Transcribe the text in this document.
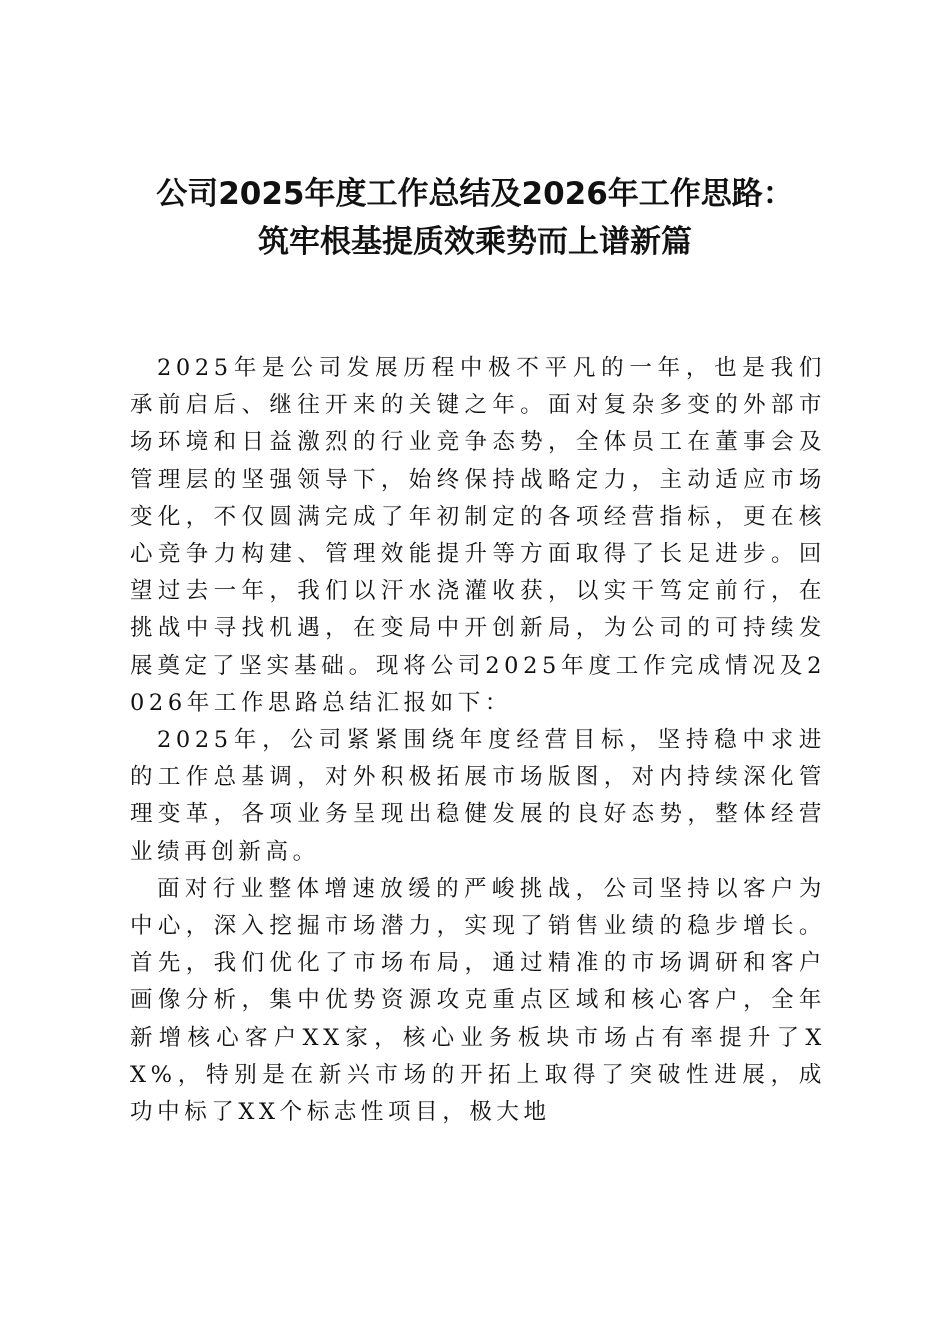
公司2025年度工作总结及2026年工作思路：
筑牢根基提质效乘势而上谱新篇

2025年是公司发展历程中极不平凡的一年，也是我们承前启后、继往开来的关键之年。面对复杂多变的外部市场环境和日益激烈的行业竞争态势，全体员工在董事会及管理层的坚强领导下，始终保持战略定力，主动适应市场变化，不仅圆满完成了年初制定的各项经营指标，更在核心竞争力构建、管理效能提升等方面取得了长足进步。回望过去一年，我们以汗水浇灌收获，以实干笃定前行，在挑战中寻找机遇，在变局中开创新局，为公司的可持续发展奠定了坚实基础。现将公司2025年度工作完成情况及2026年工作思路总结汇报如下：

2025年，公司紧紧围绕年度经营目标，坚持稳中求进的工作总基调，对外积极拓展市场版图，对内持续深化管理变革，各项业务呈现出稳健发展的良好态势，整体经营业绩再创新高。

面对行业整体增速放缓的严峻挑战，公司坚持以客户为中心，深入挖掘市场潜力，实现了销售业绩的稳步增长。首先，我们优化了市场布局，通过精准的市场调研和客户画像分析，集中优势资源攻克重点区域和核心客户，全年新增核心客户XX家，核心业务板块市场占有率提升了XX%，特别是在新兴市场的开拓上取得了突破性进展，成功中标了XX个标志性项目，极大地
